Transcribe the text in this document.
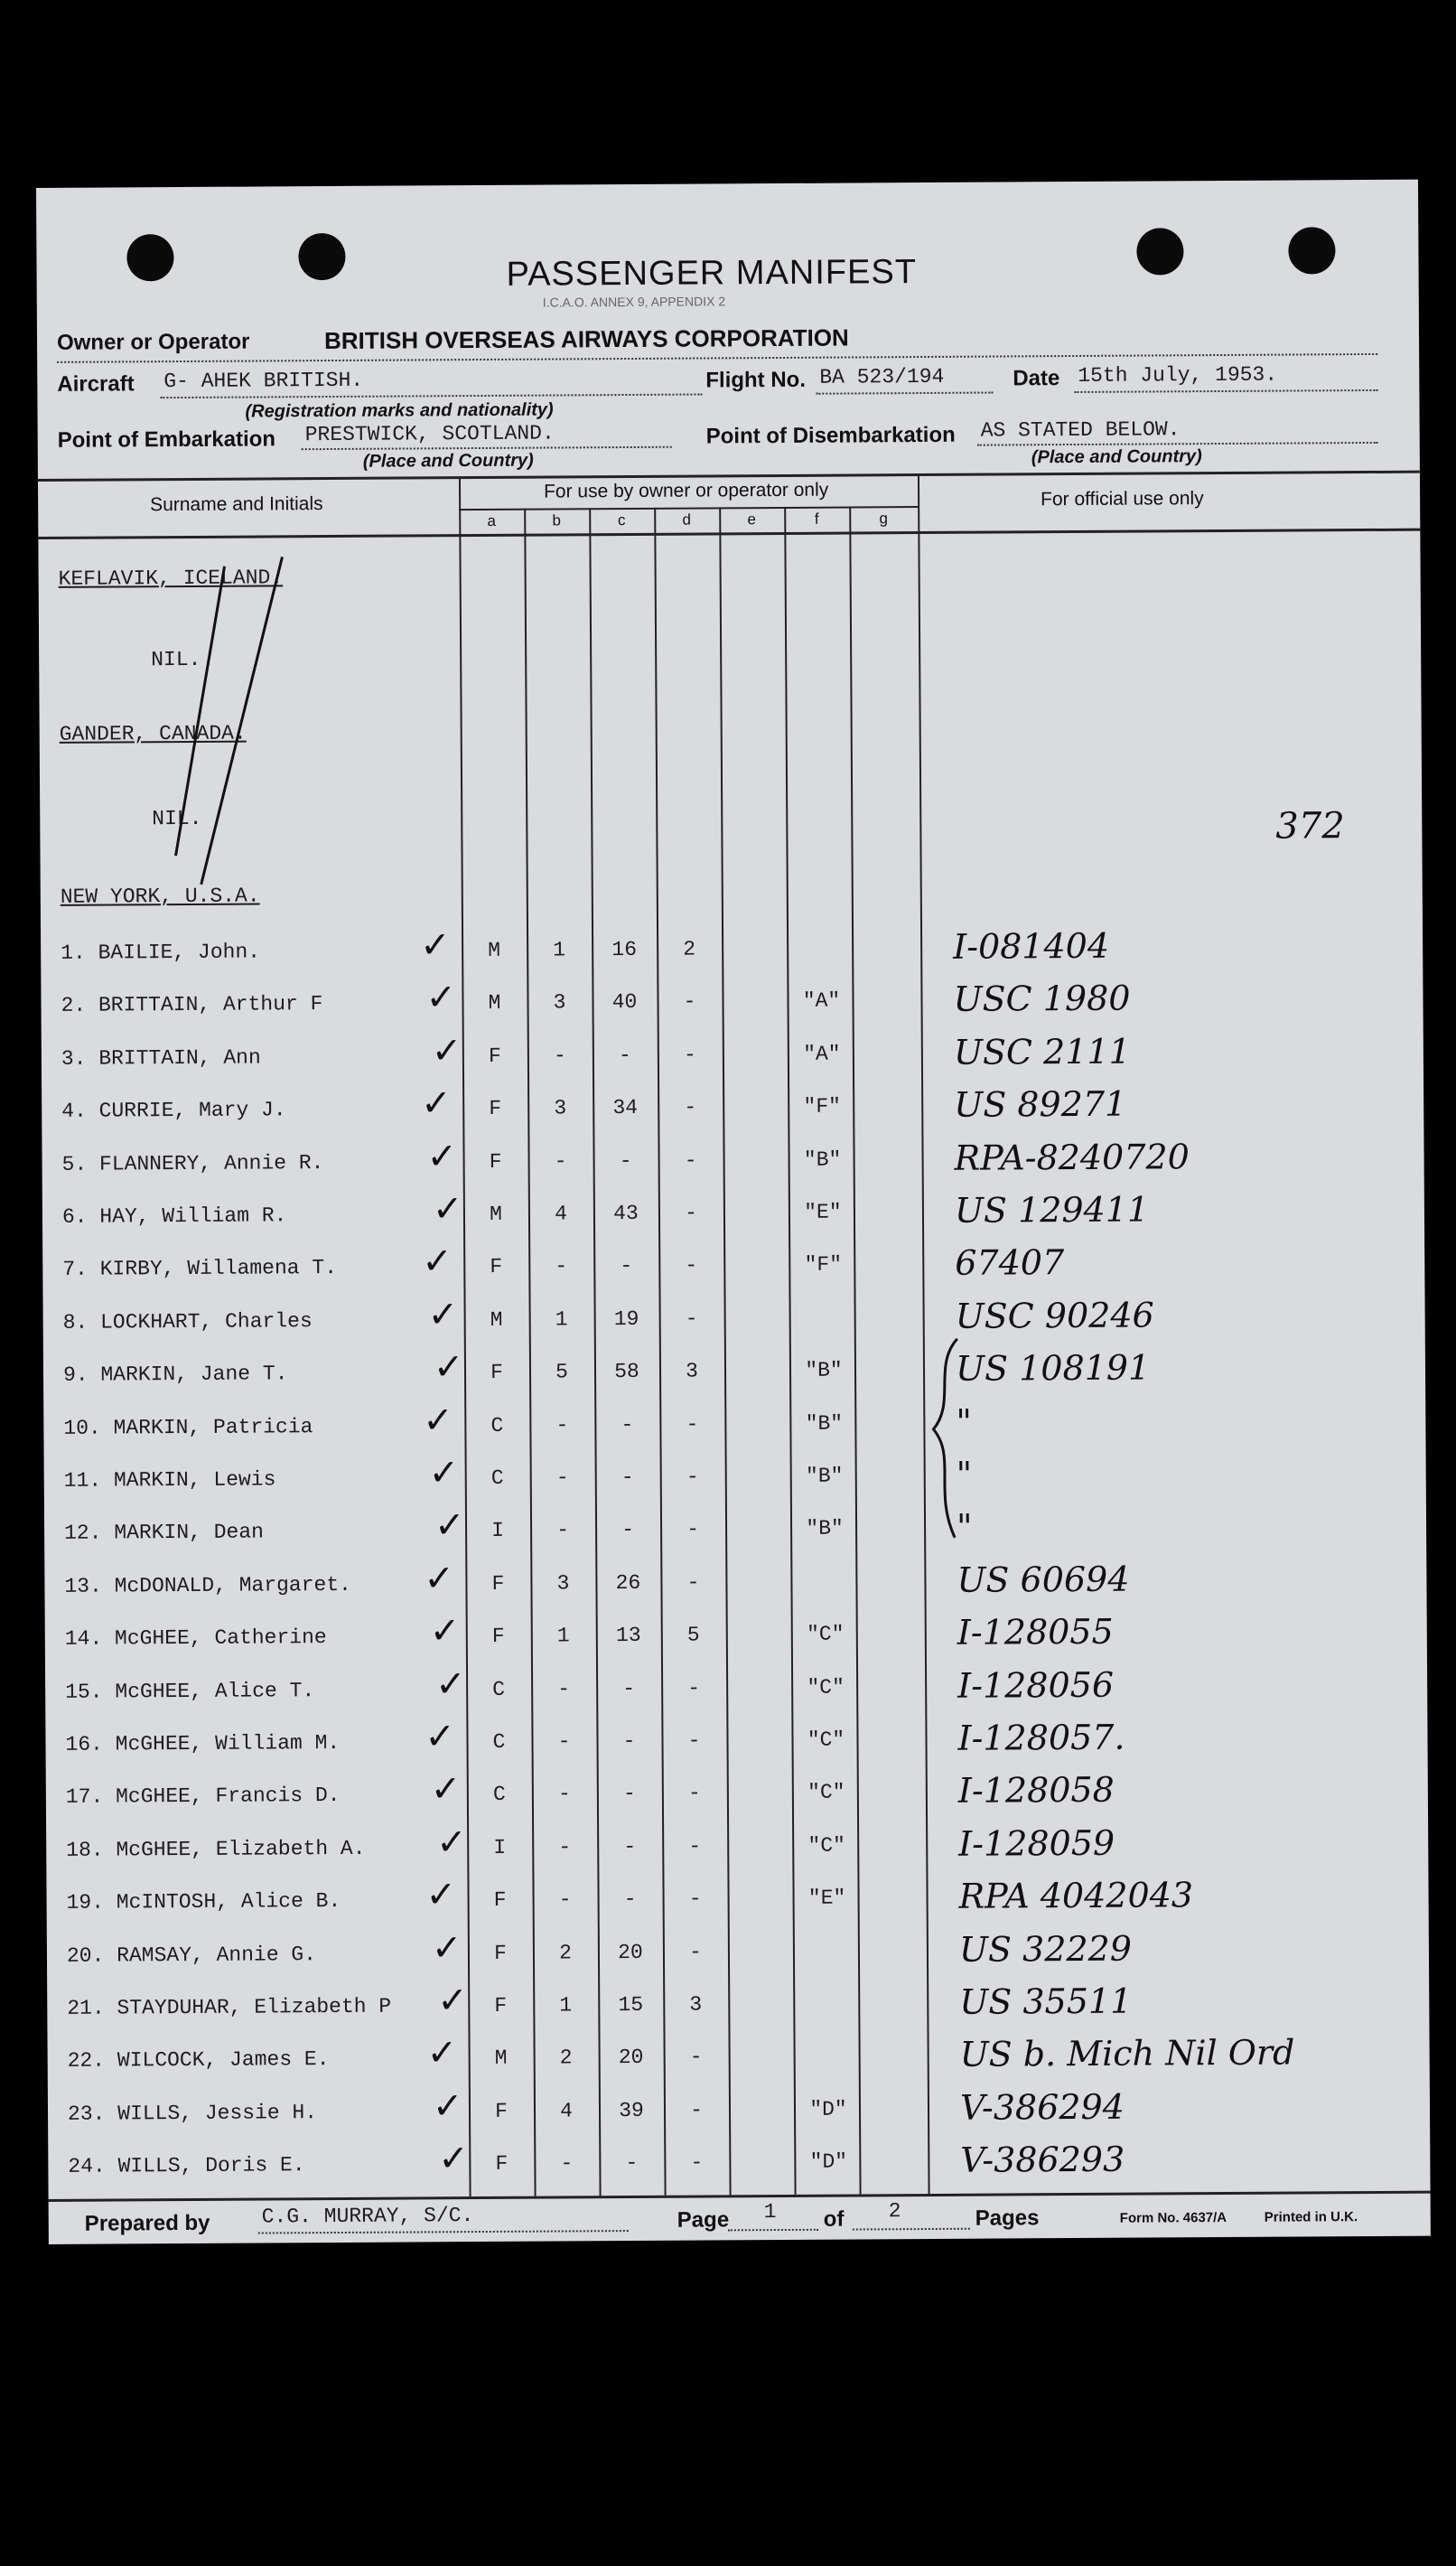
PASSENGER MANIFEST
I.C.A.O. ANNEX 9, APPENDIX 2
Owner or Operator	BRITISH OVERSEAS AIRWAYS CORPORATION
Aircraft G- AHEK BRITISH.	Flight No. BA 523/194	Date 15th July, 1953.
(Registration marks and nationality)
Point of Embarkation PRESTWICK, SCOTLAND.	Point of Disembarkation AS STATED BELOW.
(Place and Country)	(Place and Country)
Surname and Initials
For use by owner or operator only	For official use only
a	b	c	d	e	f	g
KEFLAVIK, ICELAND.
NIL.
GANDER, CANADA.
NIL.
NEW YORK, U.S.A.
372
1. BAILIE, John.	M	1	16	2	I-081404
✓
2. BRITTAIN, Arthur F	M	3	40	-	"A"	USC 1980
✓
3. BRITTAIN, Ann	F	-	-	-	"A"	USC 2111
✓
4. CURRIE, Mary J.	F	3	34	-	"F"	US 89271
✓
5. FLANNERY, Annie R.	F	-	-	-	"B"	RPA-8240720
✓
6. HAY, William R.	M	4	43	-	"E"	US 129411
✓
7. KIRBY, Willamena T.	F	-	-	-	"F"	67407
✓
8. LOCKHART, Charles	M	1	19	-	USC 90246
✓
9. MARKIN, Jane T.	F	5	58	3	"B"	US 108191
✓
10. MARKIN, Patricia	C	-	-	-	"B"	"
✓
11. MARKIN, Lewis	C	-	-	-	"B"	"
✓
12. MARKIN, Dean	I	-	-	-	"B"	"
✓
13. McDONALD, Margaret.	F	3	26	-	US 60694
✓
14. McGHEE, Catherine	F	1	13	5	"C"	I-128055
✓
15. McGHEE, Alice T.	C	-	-	-	"C"	I-128056
✓
16. McGHEE, William M.	C	-	-	-	"C"	I-128057.
✓
17. McGHEE, Francis D.	C	-	-	-	"C"	I-128058
✓
18. McGHEE, Elizabeth A.	I	-	-	-	"C"	I-128059
✓
19. McINTOSH, Alice B.	F	-	-	-	"E"	RPA 4042043
✓
20. RAMSAY, Annie G.	F	2	20	-	US 32229
✓
21. STAYDUHAR, Elizabeth P	F	1	15	3	US 35511
✓
22. WILCOCK, James E.	M	2	20	-	US b. Mich Nil Ord
✓
23. WILLS, Jessie H.	F	4	39	-	"D"	V-386294
✓
24. WILLS, Doris E.	F	-	-	-	"D"	V-386293
✓
Prepared by C.G. MURRAY, S/C.	Page 1 of 2	Pages	Form No. 4637/A	Printed in U.K.
